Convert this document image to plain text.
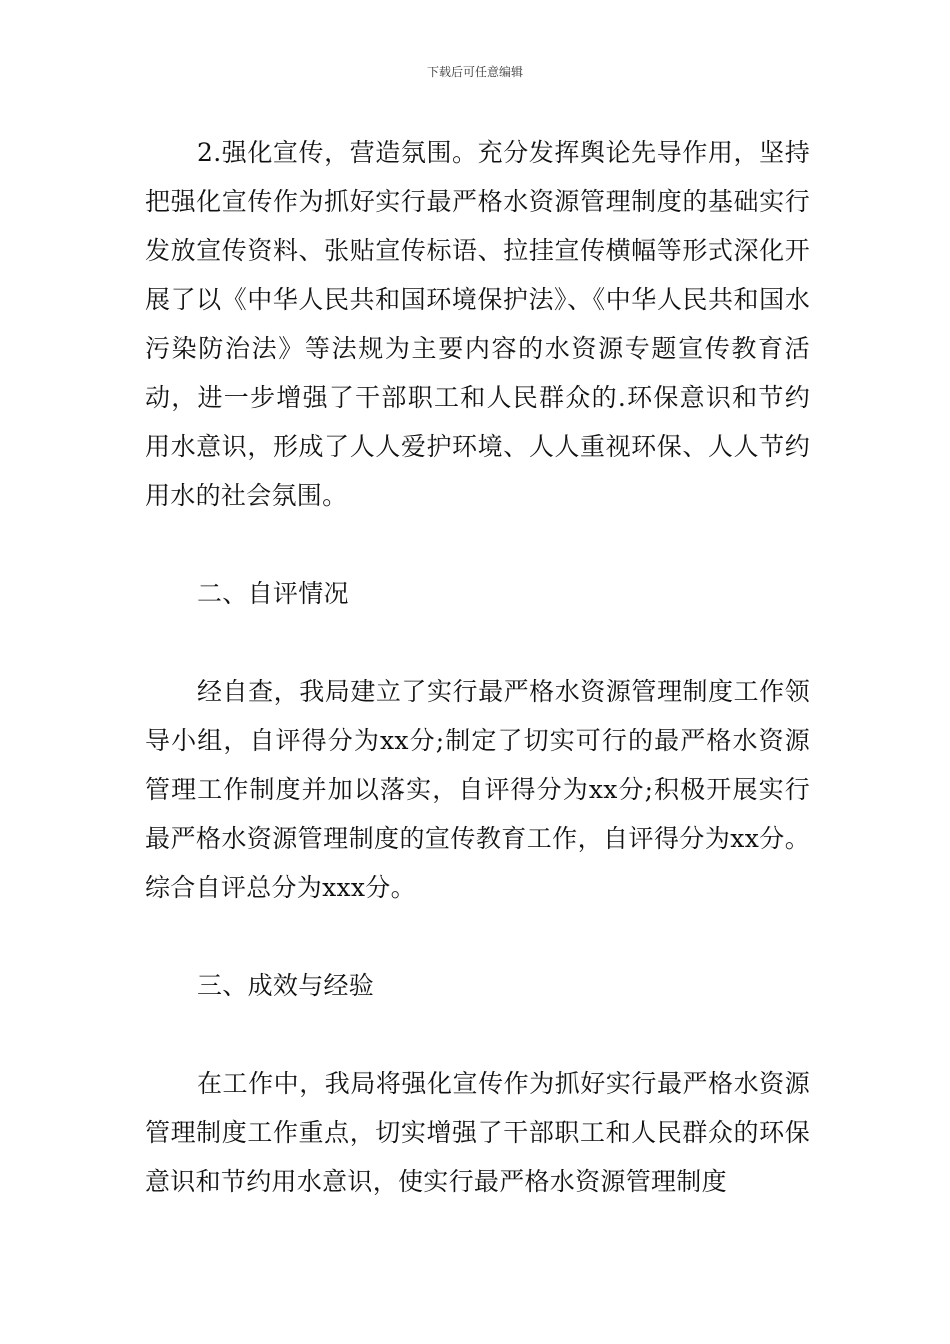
下载后可任意编辑

2.强化宣传，营造氛围。充分发挥舆论先导作用，坚持把强化宣传作为抓好实行最严格水资源管理制度的基础实行发放宣传资料、张贴宣传标语、拉挂宣传横幅等形式深化开展了以《中华人民共和国环境保护法》、《中华人民共和国水污染防治法》等法规为主要内容的水资源专题宣传教育活动，进一步增强了干部职工和人民群众的.环保意识和节约用水意识，形成了人人爱护环境、人人重视环保、人人节约用水的社会氛围。

二、自评情况

经自查，我局建立了实行最严格水资源管理制度工作领导小组，自评得分为xx分;制定了切实可行的最严格水资源管理工作制度并加以落实，自评得分为xx分;积极开展实行最严格水资源管理制度的宣传教育工作，自评得分为xx分。综合自评总分为xxx分。

三、成效与经验

在工作中，我局将强化宣传作为抓好实行最严格水资源管理制度工作重点，切实增强了干部职工和人民群众的环保意识和节约用水意识，使实行最严格水资源管理制度
